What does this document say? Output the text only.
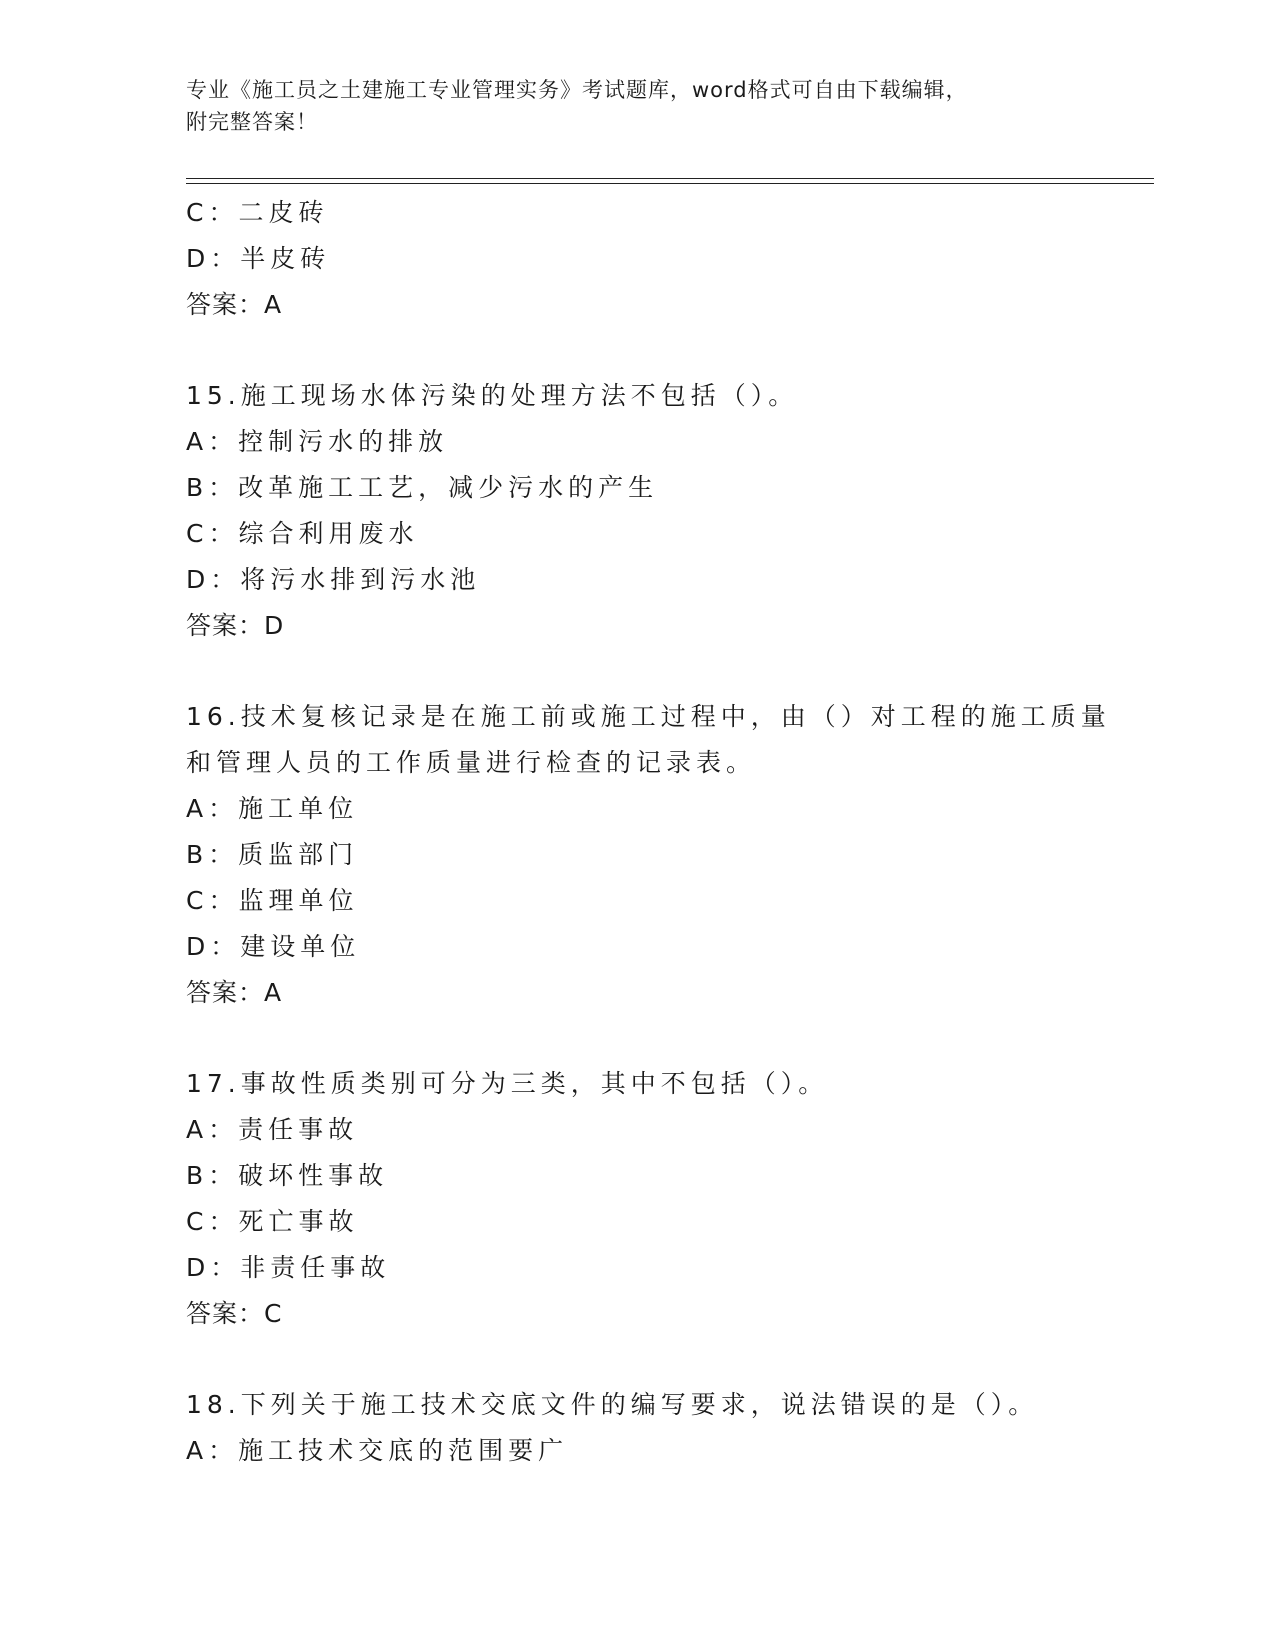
专业《施工员之土建施工专业管理实务》考试题库，word格式可自由下载编辑，
附完整答案！
C：二皮砖
D：半皮砖
答案：A
15.施工现场水体污染的处理方法不包括（）。
A：控制污水的排放
B：改革施工工艺，减少污水的产生
C：综合利用废水
D：将污水排到污水池
答案：D
16.技术复核记录是在施工前或施工过程中，由（）对工程的施工质量
和管理人员的工作质量进行检查的记录表。
A：施工单位
B：质监部门
C：监理单位
D：建设单位
答案：A
17.事故性质类别可分为三类，其中不包括（）。
A：责任事故
B：破坏性事故
C：死亡事故
D：非责任事故
答案：C
18.下列关于施工技术交底文件的编写要求，说法错误的是（）。
A：施工技术交底的范围要广
